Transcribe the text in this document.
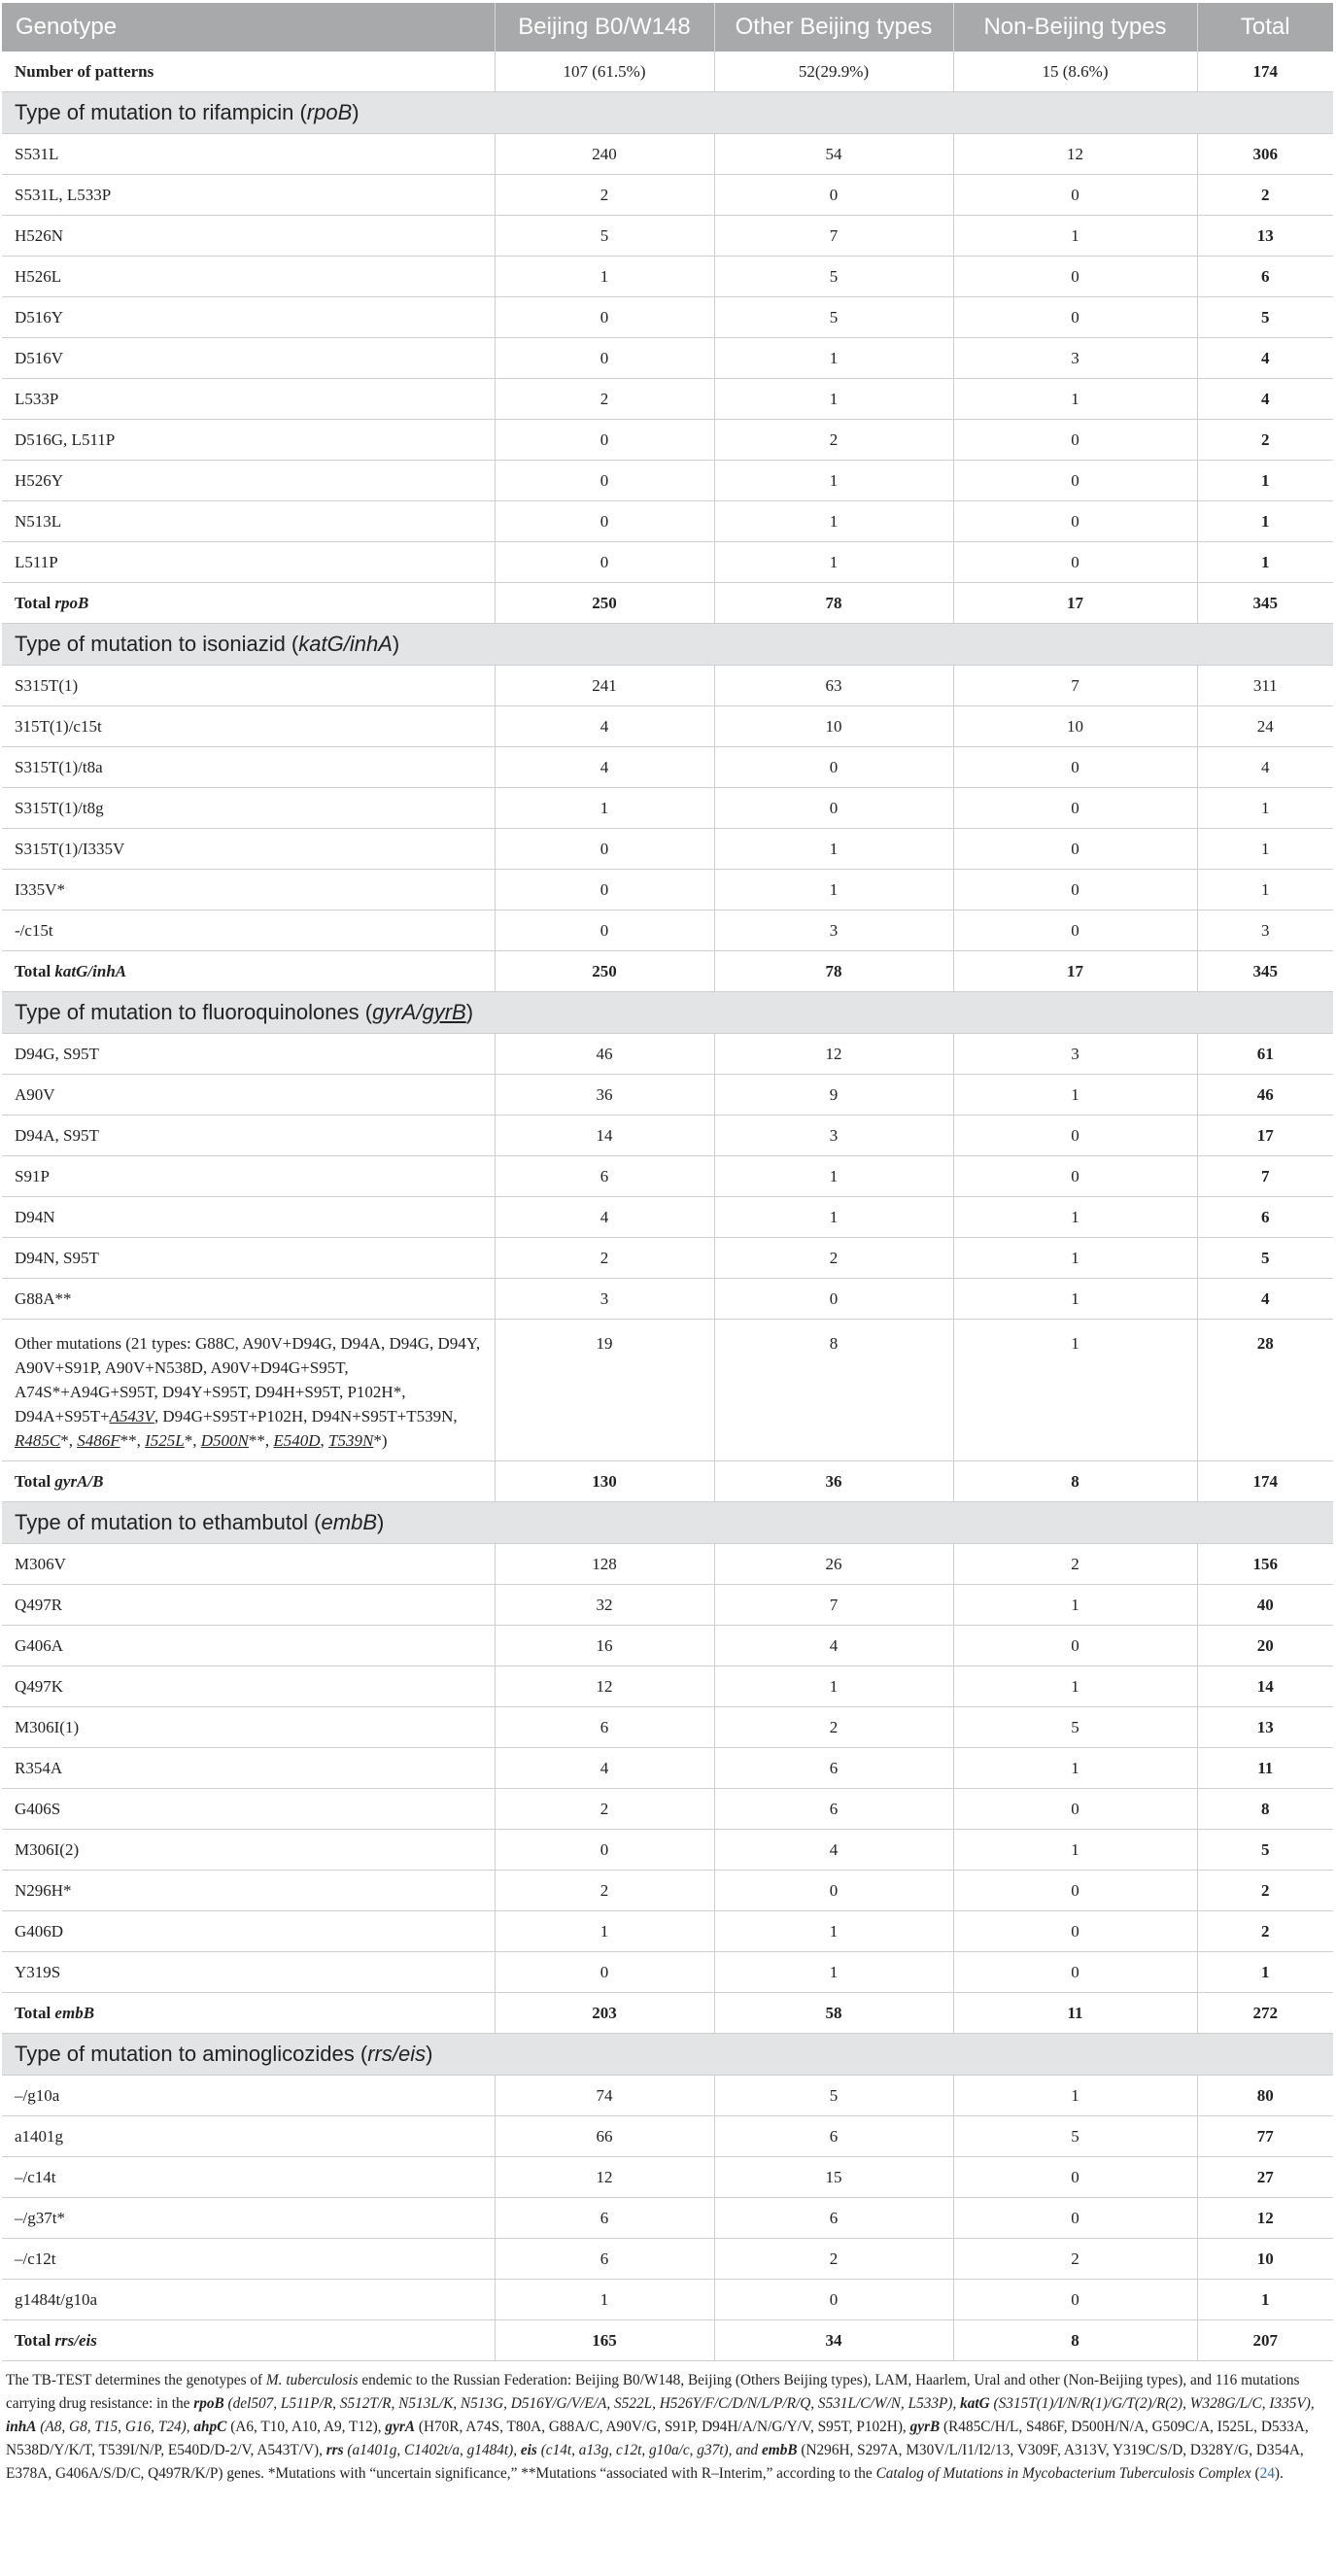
Genotype	Beijing B0/W148	Other Beijing types	Non-Beijing types	Total
Number of patterns	107 (61.5%)	52(29.9%)	15 (8.6%)	174
Type of mutation to rifampicin (rpoB)				
S531L	240	54	12	306
S531L, L533P	2	0	0	2
H526N	5	7	1	13
H526L	1	5	0	6
D516Y	0	5	0	5
D516V	0	1	3	4
L533P	2	1	1	4
D516G, L511P	0	2	0	2
H526Y	0	1	0	1
N513L	0	1	0	1
L511P	0	1	0	1
Total rpoB	250	78	17	345
Type of mutation to isoniazid (katG/inhA)				
S315T(1)	241	63	7	311
315T(1)/c15t	4	10	10	24
S315T(1)/t8a	4	0	0	4
S315T(1)/t8g	1	0	0	1
S315T(1)/I335V	0	1	0	1
I335V*	0	1	0	1
-/c15t	0	3	0	3
Total katG/inhA	250	78	17	345
Type of mutation to fluoroquinolones (gyrA/gyrB)				
D94G, S95T	46	12	3	61
A90V	36	9	1	46
D94A, S95T	14	3	0	17
S91P	6	1	0	7
D94N	4	1	1	6
D94N, S95T	2	2	1	5
G88A**	3	0	1	4
Other mutations (21 types: G88C, A90V+D94G, D94A, D94G, D94Y, A90V+S91P, A90V+N538D, A90V+D94G+S95T, A74S*+A94G+S95T, D94Y+S95T, D94H+S95T, P102H*, D94A+S95T+A543V, D94G+S95T+P102H, D94N+S95T+T539N, R485C*, S486F**, I525L*, D500N**, E540D, T539N*)	19	8	1	28
Total gyrA/B	130	36	8	174
Type of mutation to ethambutol (embB)				
M306V	128	26	2	156
Q497R	32	7	1	40
G406A	16	4	0	20
Q497K	12	1	1	14
M306I(1)	6	2	5	13
R354A	4	6	1	11
G406S	2	6	0	8
M306I(2)	0	4	1	5
N296H*	2	0	0	2
G406D	1	1	0	2
Y319S	0	1	0	1
Total embB	203	58	11	272
Type of mutation to aminoglicozides (rrs/eis)				
–/g10a	74	5	1	80
a1401g	66	6	5	77
–/c14t	12	15	0	27
–/g37t*	6	6	0	12
–/c12t	6	2	2	10
g1484t/g10a	1	0	0	1
Total rrs/eis	165	34	8	207
The TB-TEST determines the genotypes of M. tuberculosis endemic to the Russian Federation: Beijing B0/W148, Beijing (Others Beijing types), LAM, Haarlem, Ural and other (Non-Beijing types), and 116 mutations carrying drug resistance: in the rpoB (del507, L511P/R, S512T/R, N513L/K, N513G, D516Y/G/V/E/A, S522L, H526Y/F/C/D/N/L/P/R/Q, S531L/C/W/N, L533P), katG (S315T(1)/I/N/R(1)/G/T(2)/R(2), W328G/L/C, I335V), inhA (A8, G8, T15, G16, T24), ahpC (A6, T10, A10, A9, T12), gyrA (H70R, A74S, T80A, G88A/C, A90V/G, S91P, D94H/A/N/G/Y/V, S95T, P102H), gyrB (R485C/H/L, S486F, D500H/N/A, G509C/A, I525L, D533A, N538D/Y/K/T, T539I/N/P, E540D/D-2/V, A543T/V), rrs (a1401g, C1402t/a, g1484t), eis (c14t, a13g, c12t, g10a/c, g37t), and embB (N296H, S297A, M30V/L/I1/I2/13, V309F, A313V, Y319C/S/D, D328Y/G, D354A, E378A, G406A/S/D/C, Q497R/K/P) genes. *Mutations with “uncertain significance,” **Mutations “associated with R–Interim,” according to the Catalog of Mutations in Mycobacterium Tuberculosis Complex (24).
